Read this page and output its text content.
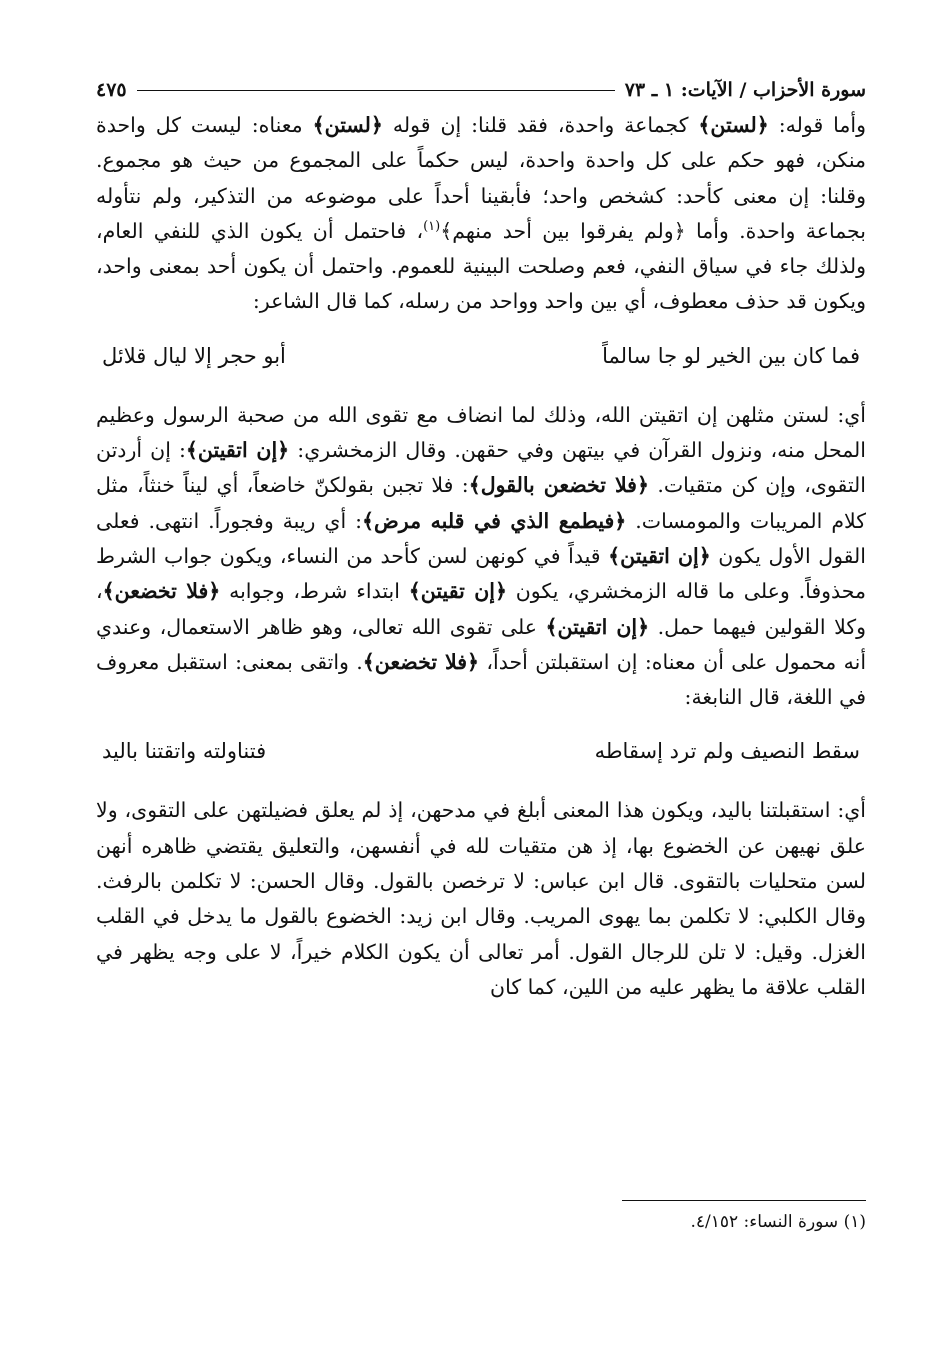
سورة الأحزاب / الآيات: ١ ـ ٧٣
٤٧٥

وأما قوله: ﴿لستن﴾ كجماعة واحدة، فقد قلنا: إن قوله ﴿لستن﴾ معناه: ليست كل واحدة منكن، فهو حكم على كل واحدة واحدة، ليس حكماً على المجموع من حيث هو مجموع. وقلنا: إن معنى كأحد: كشخص واحد؛ فأبقينا أحداً على موضوعه من التذكير، ولم نتأوله بجماعة واحدة. وأما ﴿ولم يفرقوا بين أحد منهم﴾$^{(١)}$، فاحتمل أن يكون الذي للنفي العام، ولذلك جاء في سياق النفي، فعم وصلحت البينية للعموم. واحتمل أن يكون أحد بمعنى واحد، ويكون قد حذف معطوف، أي بين واحد وواحد من رسله، كما قال الشاعر:

فما كان بين الخير لو جا سالماً
أبو حجر إلا ليال قلائل

أي: لستن مثلهن إن اتقيتن الله، وذلك لما انضاف مع تقوى الله من صحبة الرسول وعظيم المحل منه، ونزول القرآن في بيتهن وفي حقهن. وقال الزمخشري: ﴿إن اتقيتن﴾: إن أردتن التقوى، وإن كن متقيات. ﴿فلا تخضعن بالقول﴾: فلا تجبن بقولكنّ خاضعاً، أي ليناً خنثاً، مثل كلام المريبات والمومسات. ﴿فيطمع الذي في قلبه مرض﴾: أي ريبة وفجوراً. انتهى. فعلى القول الأول يكون ﴿إن اتقيتن﴾ قيداً في كونهن لسن كأحد من النساء، ويكون جواب الشرط محذوفاً. وعلى ما قاله الزمخشري، يكون ﴿إن تقيتن﴾ ابتداء شرط، وجوابه ﴿فلا تخضعن﴾، وكلا القولين فيهما حمل. ﴿إن اتقيتن﴾ على تقوى الله تعالى، وهو ظاهر الاستعمال، وعندي أنه محمول على أن معناه: إن استقبلتن أحداً، ﴿فلا تخضعن﴾. واتقى بمعنى: استقبل معروف في اللغة، قال النابغة:

سقط النصيف ولم ترد إسقاطه
فتناولته واتقتنا باليد

أي: استقبلتنا باليد، ويكون هذا المعنى أبلغ في مدحهن، إذ لم يعلق فضيلتهن على التقوى، ولا علق نهيهن عن الخضوع بها، إذ هن متقيات لله في أنفسهن، والتعليق يقتضي ظاهره أنهن لسن متحليات بالتقوى. قال ابن عباس: لا ترخصن بالقول. وقال الحسن: لا تكلمن بالرفث. وقال الكلبي: لا تكلمن بما يهوى المريب. وقال ابن زيد: الخضوع بالقول ما يدخل في القلب الغزل. وقيل: لا تلن للرجال القول. أمر تعالى أن يكون الكلام خيراً، لا على وجه يظهر في القلب علاقة ما يظهر عليه من اللين، كما كان

(١) سورة النساء: ٤/١٥٢.
